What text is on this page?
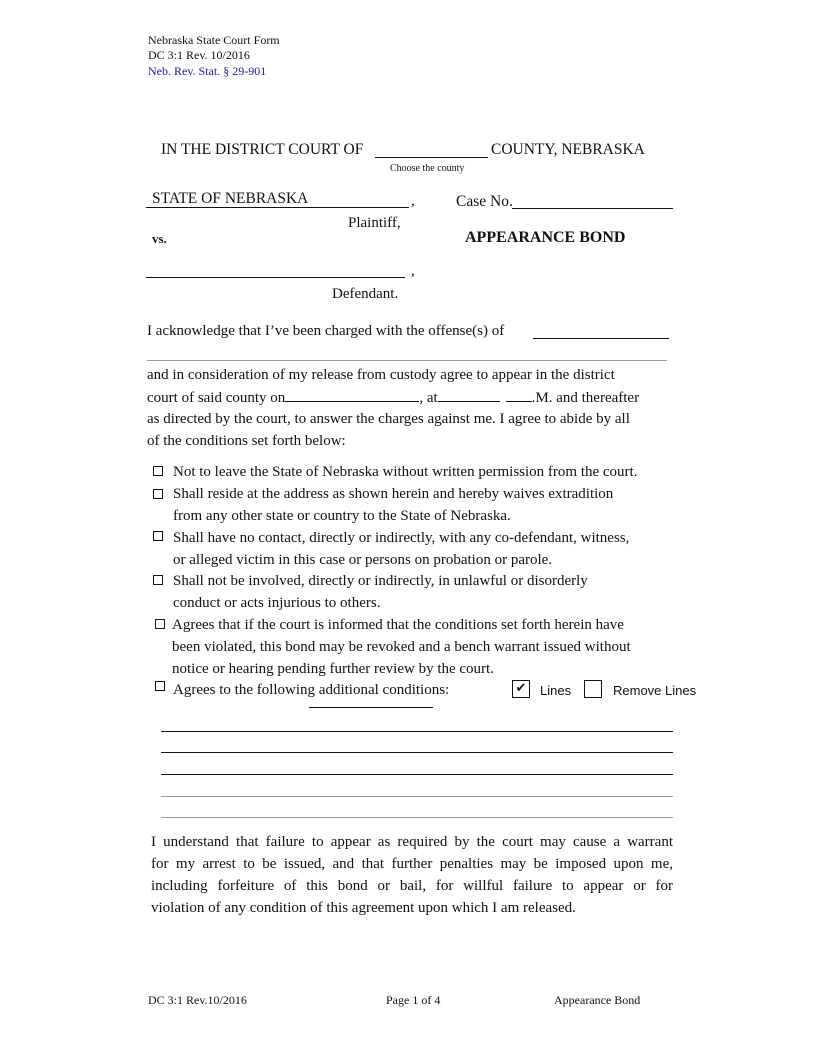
Nebraska State Court Form
DC 3:1 Rev. 10/2016
Neb. Rev. Stat. § 29-901
IN THE DISTRICT COURT OF	COUNTY, NEBRASKA
Choose the county
STATE OF NEBRASKA	,
Plaintiff,
vs.
Case No.
APPEARANCE BOND
,
Defendant.
I acknowledge that I’ve been charged with the offense(s) of
and in consideration of my release from custody agree to appear in the district
court of said county on	, at	.M. and thereafter
as directed by the court, to answer the charges against me. I agree to abide by all
of the conditions set forth below:
Not to leave the State of Nebraska without written permission from the court.
Shall reside at the address as shown herein and hereby waives extradition
from any other state or country to the State of Nebraska.
Shall have no contact, directly or indirectly, with any co-defendant, witness,
or alleged victim in this case or persons on probation or parole.
Shall not be involved, directly or indirectly, in unlawful or disorderly
conduct or acts injurious to others.
Agrees that if the court is informed that the conditions set forth herein have
been violated, this bond may be revoked and a bench warrant issued without
notice or hearing pending further review by the court.
Agrees to the following additional conditions:	✔ Lines	Remove Lines
I understand that failure to appear as required by the court may cause a warrant
for my arrest to be issued, and that further penalties may be imposed upon me,
including forfeiture of this bond or bail, for willful failure to appear or for
violation of any condition of this agreement upon which I am released.
DC 3:1 Rev.10/2016	Page 1 of 4	Appearance Bond
